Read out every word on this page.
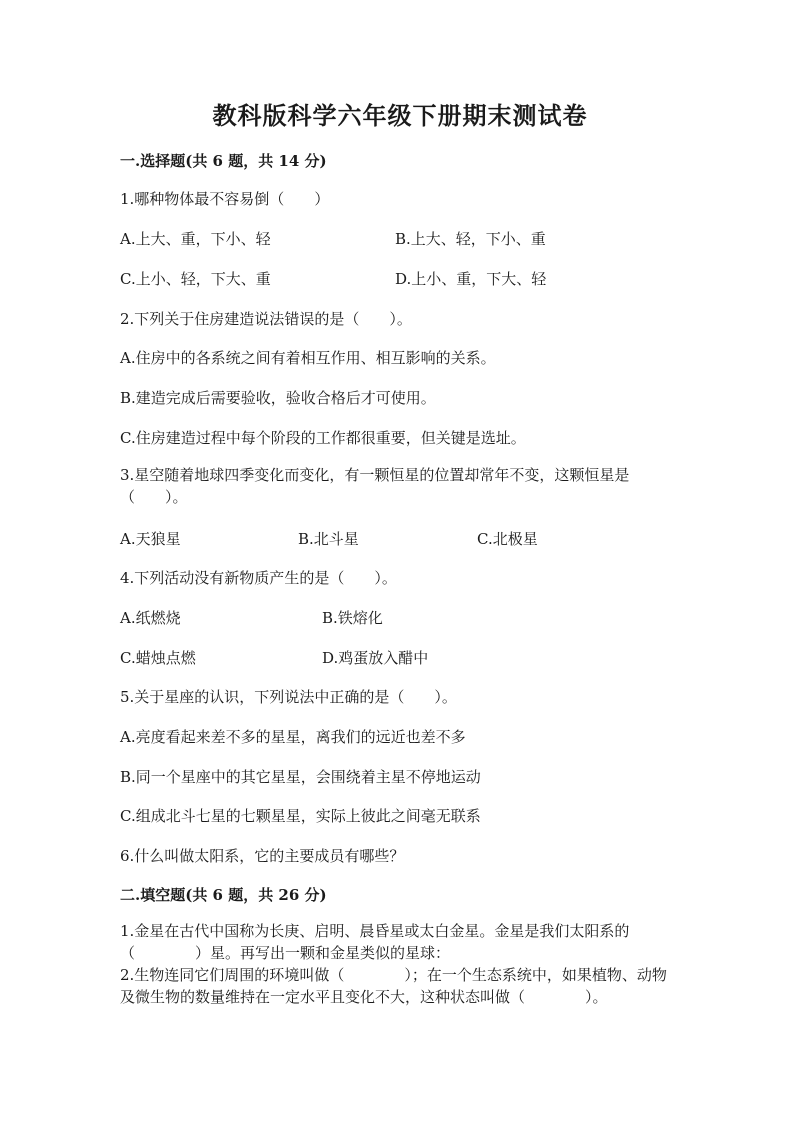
教科版科学六年级下册期末测试卷
一.选择题(共 6 题，共 14 分)
1.哪种物体最不容易倒（　　）
A.上大、重，下小、轻	B.上大、轻，下小、重
C.上小、轻，下大、重	D.上小、重，下大、轻
2.下列关于住房建造说法错误的是（　　）。
A.住房中的各系统之间有着相互作用、相互影响的关系。
B.建造完成后需要验收，验收合格后才可使用。
C.住房建造过程中每个阶段的工作都很重要，但关键是选址。
3.星空随着地球四季变化而变化，有一颗恒星的位置却常年不变，这颗恒星是（　　）。
A.天狼星	B.北斗星	C.北极星
4.下列活动没有新物质产生的是（　　）。
A.纸燃烧	B.铁熔化
C.蜡烛点燃	D.鸡蛋放入醋中
5.关于星座的认识，下列说法中正确的是（　　）。
A.亮度看起来差不多的星星，离我们的远近也差不多
B.同一个星座中的其它星星，会围绕着主星不停地运动
C.组成北斗七星的七颗星星，实际上彼此之间毫无联系
6.什么叫做太阳系，它的主要成员有哪些？
二.填空题(共 6 题，共 26 分)
1.金星在古代中国称为长庚、启明、晨昏星或太白金星。金星是我们太阳系的（　　　　）星。再写出一颗和金星类似的星球：
2.生物连同它们周围的环境叫做（　　　　）；在一个生态系统中，如果植物、动物及微生物的数量维持在一定水平且变化不大，这种状态叫做（　　　　）。
